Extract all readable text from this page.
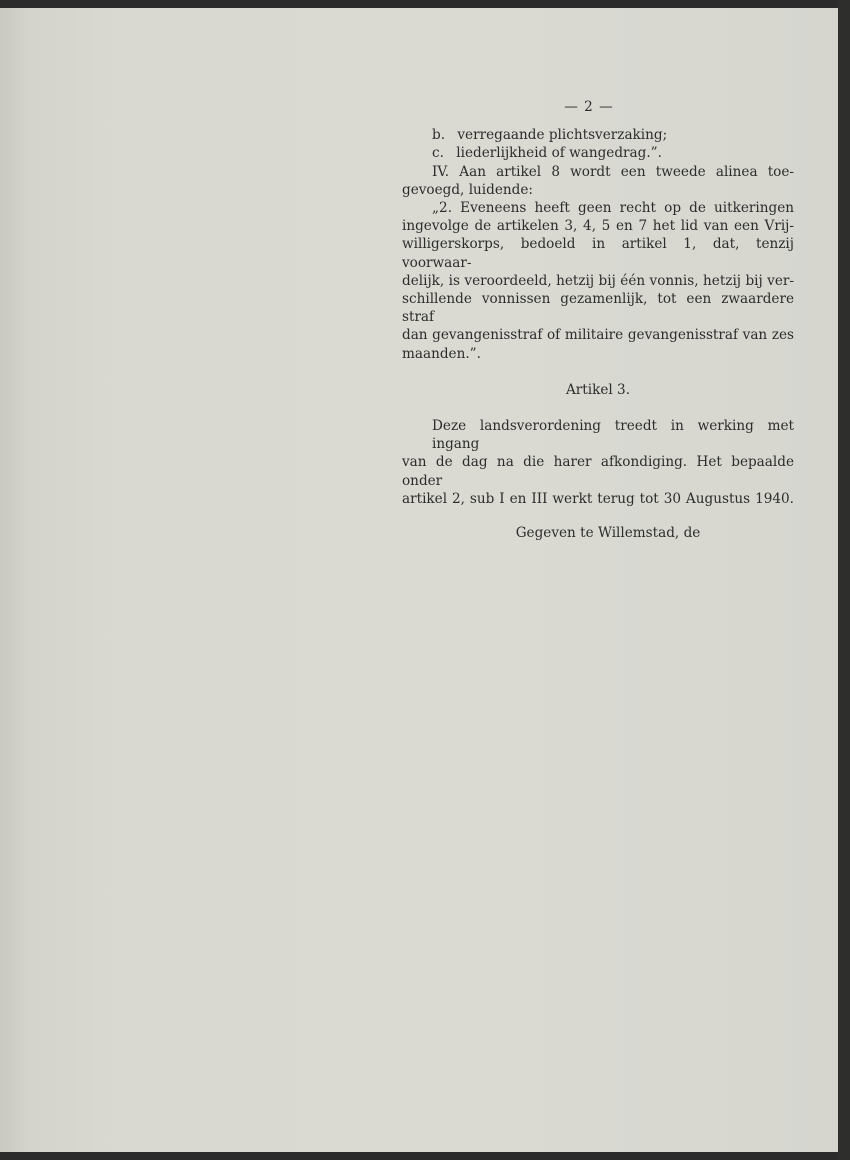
— 2 —
b. verregaande plichtsverzaking;
c. liederlijkheid of wangedrag.”.
IV. Aan artikel 8 wordt een tweede alinea toe-
gevoegd, luidende:
„2. Eveneens heeft geen recht op de uitkeringen
ingevolge de artikelen 3, 4, 5 en 7 het lid van een Vrij-
willigerskorps, bedoeld in artikel 1, dat, tenzij voorwaar-
delijk, is veroordeeld, hetzij bij één vonnis, hetzij bij ver-
schillende vonnissen gezamenlijk, tot een zwaardere straf
dan gevangenisstraf of militaire gevangenisstraf van zes
maanden.”.
Artikel 3.
Deze landsverordening treedt in werking met ingang
van de dag na die harer afkondiging. Het bepaalde onder
artikel 2, sub I en III werkt terug tot 30 Augustus 1940.
Gegeven te Willemstad, de
